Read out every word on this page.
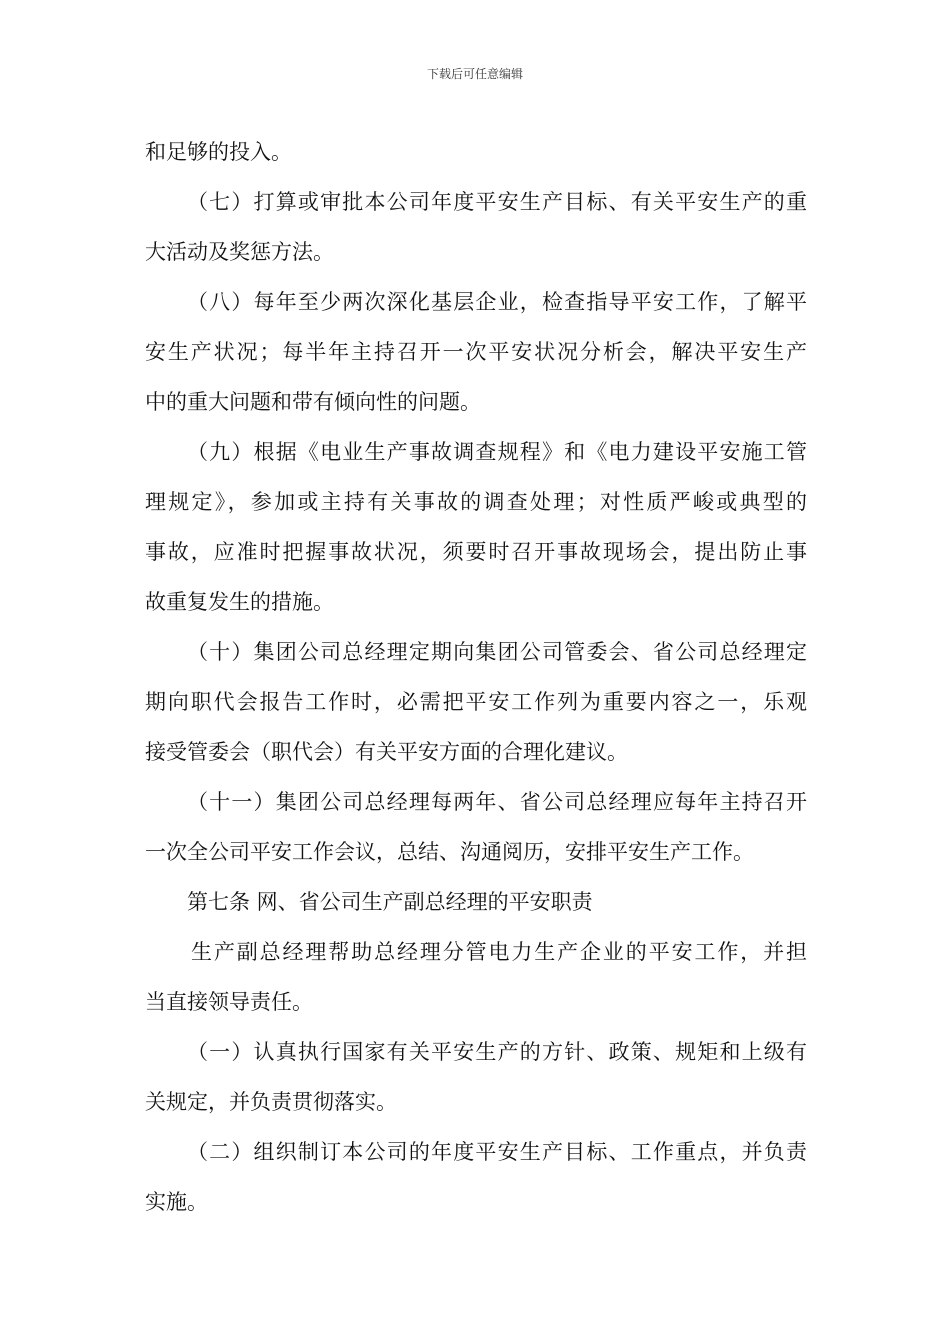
下载后可任意编辑
和足够的投入。
（七）打算或审批本公司年度平安生产目标、有关平安生产的重
大活动及奖惩方法。
（八）每年至少两次深化基层企业，检查指导平安工作，了解平
安生产状况；每半年主持召开一次平安状况分析会，解决平安生产
中的重大问题和带有倾向性的问题。
（九）根据《电业生产事故调查规程》和《电力建设平安施工管
理规定》，参加或主持有关事故的调查处理；对性质严峻或典型的
事故，应准时把握事故状况，须要时召开事故现场会，提出防止事
故重复发生的措施。
（十）集团公司总经理定期向集团公司管委会、省公司总经理定
期向职代会报告工作时，必需把平安工作列为重要内容之一，乐观
接受管委会（职代会）有关平安方面的合理化建议。
（十一）集团公司总经理每两年、省公司总经理应每年主持召开
一次全公司平安工作会议，总结、沟通阅历，安排平安生产工作。
第七条 网、省公司生产副总经理的平安职责
生产副总经理帮助总经理分管电力生产企业的平安工作，并担
当直接领导责任。
（一）认真执行国家有关平安生产的方针、政策、规矩和上级有
关规定，并负责贯彻落实。
（二）组织制订本公司的年度平安生产目标、工作重点，并负责
实施。
